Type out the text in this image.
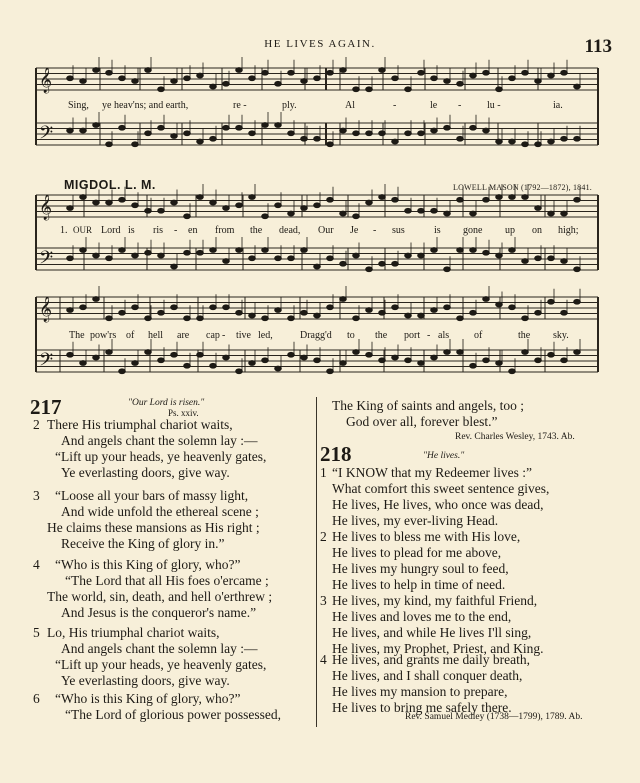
HE LIVES AGAIN.	113
𝄞
𝄢
𝄞
𝄢
𝄞
𝄢
Sing, ye heav'ns; and earth,	re -	ply.	Al	-	le -	lu -	ia.
MIGDOL. L. M.	LOWELL MASON (1792—1872), 1841.
1. OUR Lord is ris - en from the dead, Our Je - sus	is gone up on high;
The pow'rs of hell are cap - tive led,	Dragg'd to the port - als of	the sky.
217	"Our Lord is risen."
Ps. xxiv.
2 There His triumphal chariot waits,
And angels chant the solemn lay :—
“Lift up your heads, ye heavenly gates,
Ye everlasting doors, give way.
3	“Loose all your bars of massy light,
And wide unfold the ethereal scene ;
He claims these mansions as His right ;
Receive the King of glory in.”
4	“Who is this King of glory, who?”
“The Lord that all His foes o'ercame ;
The world, sin, death, and hell o'erthrew ;
And Jesus is the conqueror's name.”
5 Lo, His triumphal chariot waits,
And angels chant the solemn lay :—
“Lift up your heads, ye heavenly gates,
Ye everlasting doors, give way.
6	“Who is this King of glory, who?”
“The Lord of glorious power possessed,
The King of saints and angels, too ;
God over all, forever blest.”
Rev. Charles Wesley, 1743. Ab.
218	"He lives."
1 “I KNOW that my Redeemer lives :”
What comfort this sweet sentence gives,
He lives, He lives, who once was dead,
He lives, my ever-living Head.
2 He lives to bless me with His love,
He lives to plead for me above,
He lives my hungry soul to feed,
He lives to help in time of need.
3 He lives, my kind, my faithful Friend,
He lives and loves me to the end,
He lives, and while He lives I'll sing,
He lives, my Prophet, Priest, and King.
4 He lives, and grants me daily breath,
He lives, and I shall conquer death,
He lives my mansion to prepare,
He lives to bring me safely there.
Rev. Samuel Medley (1738—1799), 1789. Ab.
